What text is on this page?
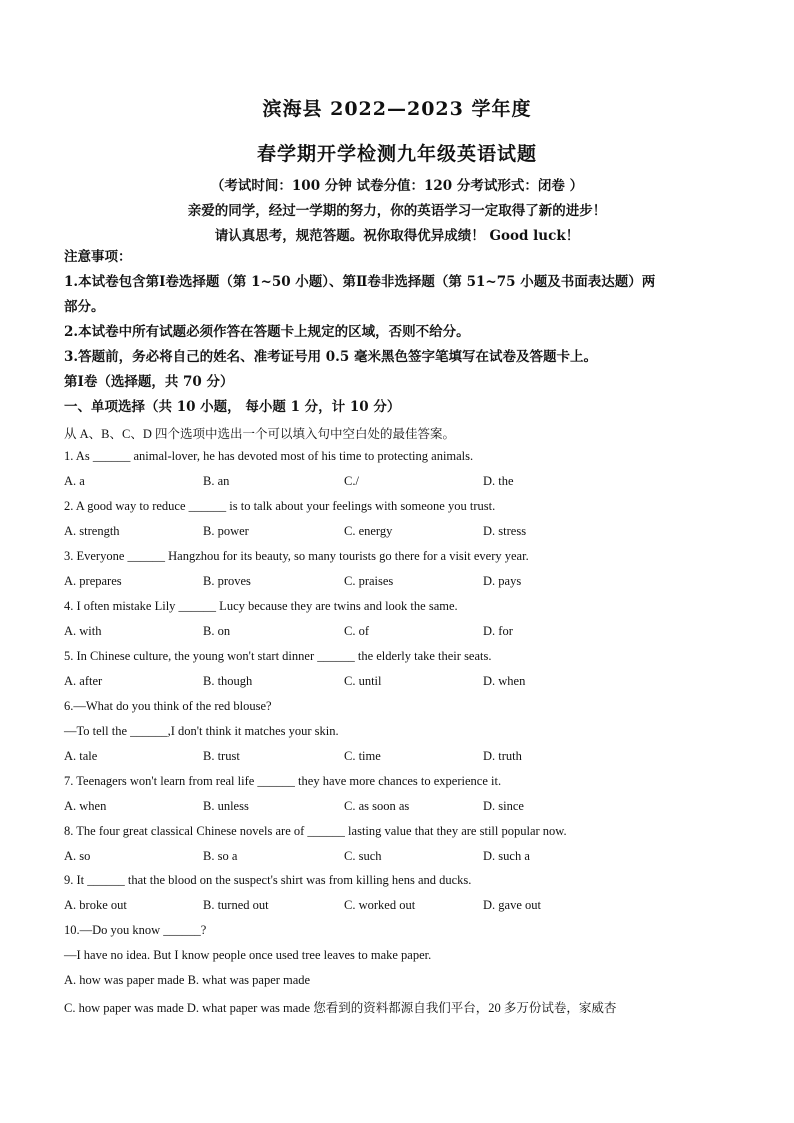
滨海县 2022—2023 学年度
春学期开学检测九年级英语试题
（考试时间：100 分钟 试卷分值：120 分考试形式：闭卷 ）
亲爱的同学，经过一学期的努力，你的英语学习一定取得了新的进步！
请认真思考，规范答题。祝你取得优异成绩！ Good luck！
注意事项：
1.本试卷包含第Ⅰ卷选择题（第 1~50 小题）、第Ⅱ卷非选择题（第 51~75 小题及书面表达题）两
部分。
2.本试卷中所有试题必须作答在答题卡上规定的区域，否则不给分。
3.答题前，务必将自己的姓名、准考证号用 0.5 毫米黑色签字笔填写在试卷及答题卡上。
第Ⅰ卷（选择题，共 70 分）
一、单项选择（共 10 小题， 每小题 1 分，计 10 分）
从 A、B、C、D 四个选项中选出一个可以填入句中空白处的最佳答案。
1. As ______ animal-lover, he has devoted most of his time to protecting animals.
A. a	B. an	C./	D. the
2. A good way to reduce ______ is to talk about your feelings with someone you trust.
A. strength	B. power	C. energy	D. stress
3. Everyone ______ Hangzhou for its beauty, so many tourists go there for a visit every year.
A. prepares	B. proves	C. praises	D. pays
4. I often mistake Lily ______ Lucy because they are twins and look the same.
A. with	B. on	C. of	D. for
5. In Chinese culture, the young won't start dinner ______ the elderly take their seats.
A. after	B. though	C. until	D. when
6.—What do you think of the red blouse?
—To tell the ______,I don't think it matches your skin.
A. tale	B. trust	C. time	D. truth
7. Teenagers won't learn from real life ______ they have more chances to experience it.
A. when	B. unless	C. as soon as	D. since
8. The four great classical Chinese novels are of ______ lasting value that they are still popular now.
A. so	B. so a	C. such	D. such a
9. It ______ that the blood on the suspect's shirt was from killing hens and ducks.
A. broke out	B. turned out	C. worked out	D. gave out
10.—Do you know ______?
—I have no idea. But I know people once used tree leaves to make paper.
A. how was paper made B. what was paper made
C. how paper was made D. what paper was made 您看到的资料都源自我们平台，20 多万份试卷，家威杏
